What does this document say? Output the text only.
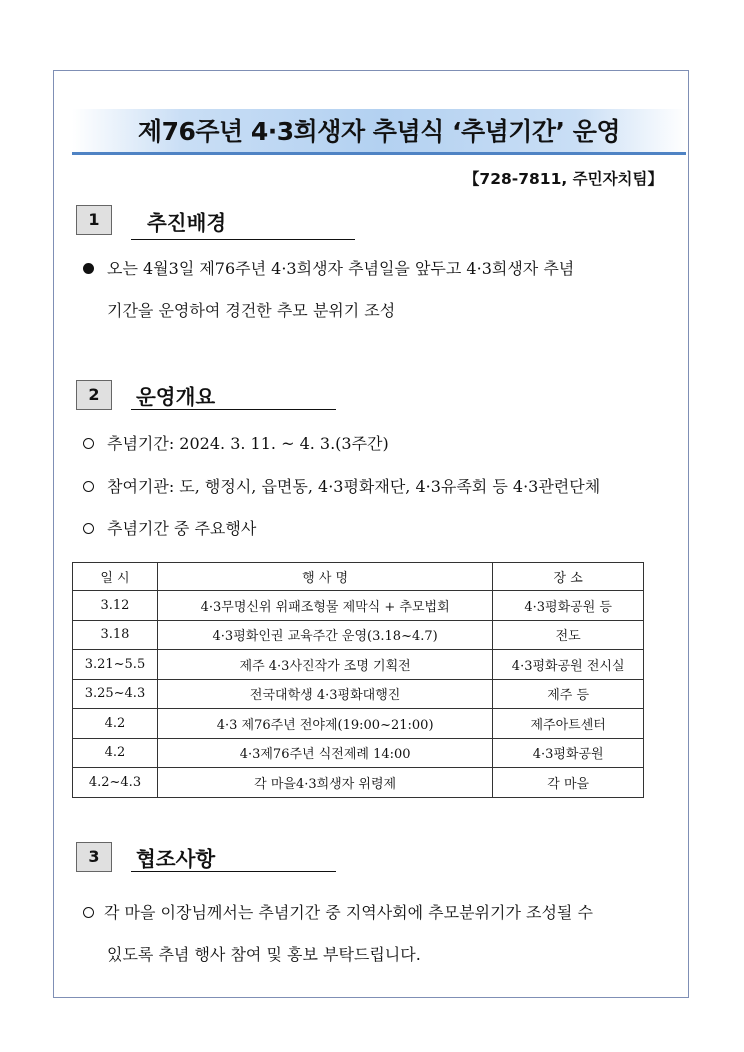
제76주년 4·3희생자 추념식 ‘추념기간’ 운영
【728-7811, 주민자치팀】
1	추진배경
오는 4월3일 제76주년 4·3희생자 추념일을 앞두고 4·3희생자 추념
기간을 운영하여 경건한 추모 분위기 조성
2	운영개요
추념기간: 2024. 3. 11. ~ 4. 3.(3주간)
참여기관: 도, 행정시, 읍면동, 4·3평화재단, 4·3유족회 등 4·3관련단체
추념기간 중 주요행사
일 시	행 사 명	장 소
3.12	4·3무명신위 위패조형물 제막식 + 추모법회	4·3평화공원 등
3.18	4·3평화인권 교육주간 운영(3.18~4.7)	전도
3.21~5.5	제주 4·3사진작가 조명 기획전	4·3평화공원 전시실
3.25~4.3	전국대학생 4·3평화대행진	제주 등
4.2	4·3 제76주년 전야제(19:00~21:00)	제주아트센터
4.2	4·3제76주년 식전제례 14:00	4·3평화공원
4.2~4.3	각 마을4·3희생자 위령제	각 마을
3	협조사항
각 마을 이장님께서는 추념기간 중 지역사회에 추모분위기가 조성될 수
있도록 추념 행사 참여 및 홍보 부탁드립니다.
